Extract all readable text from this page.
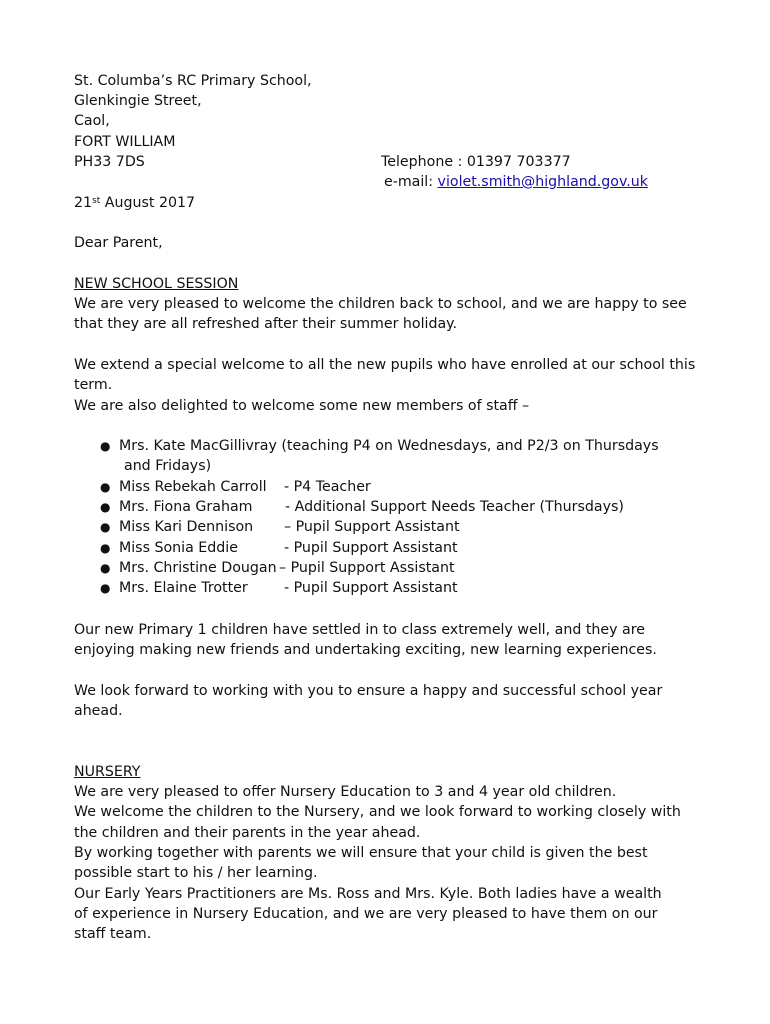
St. Columba’s RC Primary School,
Glenkingie Street,
Caol,
FORT WILLIAM
PH33 7DS	Telephone : 01397 703377
e-mail: violet.smith@highland.gov.uk
21st August 2017
Dear Parent,
NEW SCHOOL SESSION
We are very pleased to welcome the children back to school, and we are happy to see
that they are all refreshed after their summer holiday.
We extend a special welcome to all the new pupils who have enrolled at our school this
term.
We are also delighted to welcome some new members of staff –
● Mrs. Kate MacGillivray (teaching P4 on Wednesdays, and P2/3 on Thursdays
and Fridays)
● Miss Rebekah Carroll - P4 Teacher
● Mrs. Fiona Graham - Additional Support Needs Teacher (Thursdays)
● Miss Kari Dennison – Pupil Support Assistant
● Miss Sonia Eddie	- Pupil Support Assistant
● Mrs. Christine Dougan – Pupil Support Assistant
● Mrs. Elaine Trotter	- Pupil Support Assistant
Our new Primary 1 children have settled in to class extremely well, and they are
enjoying making new friends and undertaking exciting, new learning experiences.
We look forward to working with you to ensure a happy and successful school year
ahead.
NURSERY
We are very pleased to offer Nursery Education to 3 and 4 year old children.
We welcome the children to the Nursery, and we look forward to working closely with
the children and their parents in the year ahead.
By working together with parents we will ensure that your child is given the best
possible start to his / her learning.
Our Early Years Practitioners are Ms. Ross and Mrs. Kyle. Both ladies have a wealth
of experience in Nursery Education, and we are very pleased to have them on our
staff team.
